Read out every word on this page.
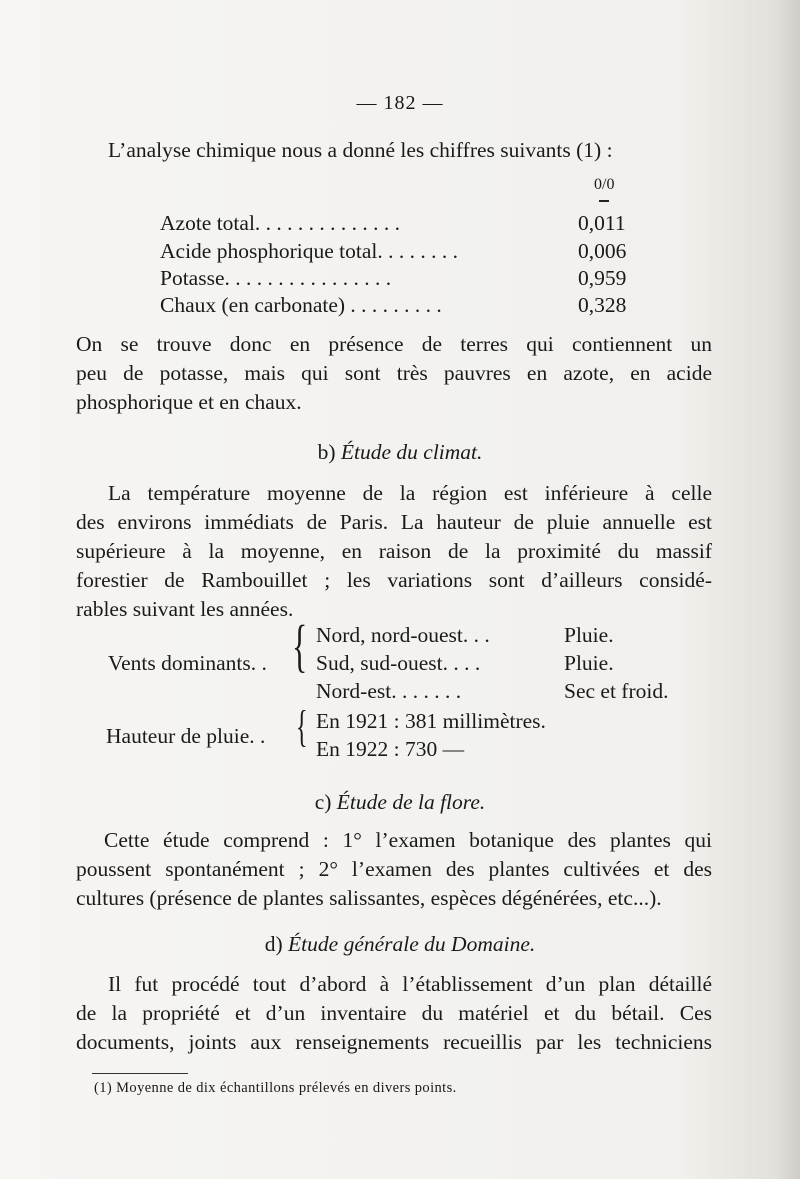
— 182 —
L’analyse chimique nous a donné les chiffres suivants (1) :
0/0
Azote total. . . . . . . . . . . . . .	0,011
Acide phosphorique total. . . . . . . .	0,006
Potasse. . . . . . . . . . . . . . . .	0,959
Chaux (en carbonate) . . . . . . . . .	0,328
On se trouve donc en présence de terres qui contiennent un
peu de potasse, mais qui sont très pauvres en azote, en acide
phosphorique et en chaux.
b) Étude du climat.
La température moyenne de la région est inférieure à celle
des environs immédiats de Paris. La hauteur de pluie annuelle est
supérieure à la moyenne, en raison de la proximité du massif
forestier de Rambouillet ; les variations sont d’ailleurs considé-
rables suivant les années.
Vents dominants. . { Nord, nord-ouest. . .	Pluie.
Sud, sud-ouest. . . .	Pluie.
Nord-est. . . . . . .	Sec et froid.
Hauteur de pluie. . { En 1921 : 381 millimètres.
En 1922 : 730 —
c) Étude de la flore.
Cette étude comprend : 1° l’examen botanique des plantes qui
poussent spontanément ; 2° l’examen des plantes cultivées et des
cultures (présence de plantes salissantes, espèces dégénérées, etc...).
d) Étude générale du Domaine.
Il fut procédé tout d’abord à l’établissement d’un plan détaillé
de la propriété et d’un inventaire du matériel et du bétail. Ces
documents, joints aux renseignements recueillis par les techniciens
(1) Moyenne de dix échantillons prélevés en divers points.
